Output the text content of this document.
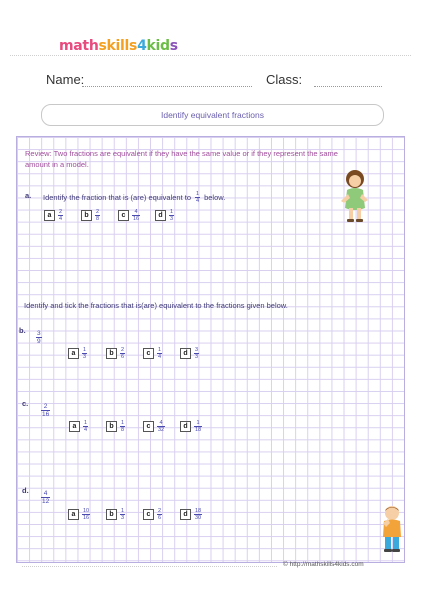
mathskills4kids
Name:	Class:
Identify equivalent fractions
Review: Two fractions are equivalent if they have the same value or if they represent the same amount in a model.
a. Identify the fraction that is (are) equivalent to $\frac{1}{4}$ below.
a	$\frac{2}{4}$	b	$\frac{2}{8}$	c	$\frac{4}{16}$	d	$\frac{1}{3}$
Identify and tick the fractions that is(are) equivalent to the fractions given below.
b. $\frac{3}{9}$
a	$\frac{1}{3}$	b	$\frac{2}{6}$	c	$\frac{1}{4}$	d	$\frac{3}{3}$
c. $\frac{2}{16}$
a	$\frac{1}{4}$	b	$\frac{1}{8}$	c	$\frac{4}{32}$	d	$\frac{1}{18}$
d. $\frac{4}{12}$
a	$\frac{10}{16}$	b	$\frac{1}{3}$	c	$\frac{2}{6}$	d	$\frac{18}{30}$
© http://mathskills4kids.com
